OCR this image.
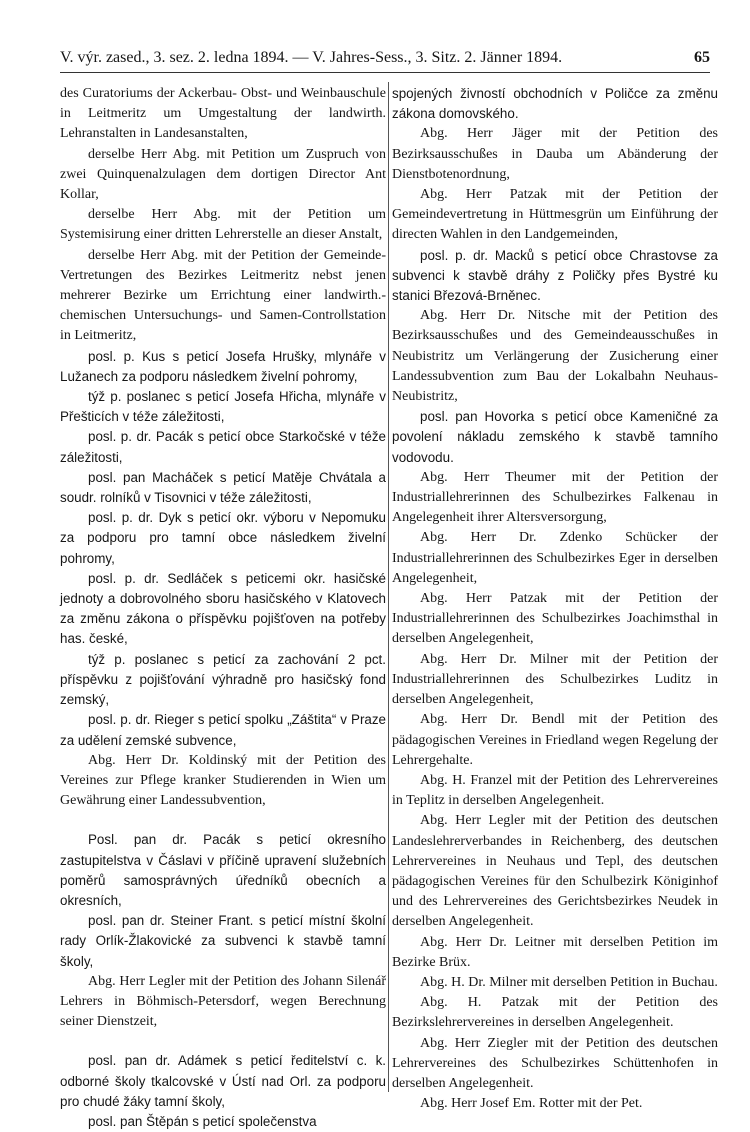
V. výr. zased., 3. sez. 2. ledna 1894. — V. Jahres-Sess., 3. Sitz. 2. Jänner 1894.	65

des Curatoriums der Ackerbau- Obst- und Weinbauschule in Leitmeritz um Umgestaltung der landwirth. Lehranstalten in Landesanstalten,

derselbe Herr Abg. mit Petition um Zuspruch von zwei Quinquenalzulagen dem dortigen Director Ant Kollar,

derselbe Herr Abg. mit der Petition um Systemisirung einer dritten Lehrerstelle an dieser Anstalt,

derselbe Herr Abg. mit der Petition der Gemeinde-Vertretungen des Bezirkes Leitmeritz nebst jenen mehrerer Bezirke um Errichtung einer landwirth.-chemischen Untersuchungs- und Samen-Controllstation in Leitmeritz,

posl. p. Kus s peticí Josefa Hrušky, mlynáře v Lužanech za podporu následkem živelní pohromy,

týž p. poslanec s peticí Josefa Hřicha, mlynáře v Přešticích v téže záležitosti,

posl. p. dr. Pacák s peticí obce Starkočské v téže záležitosti,

posl. pan Macháček s peticí Matěje Chvátala a soudr. rolníků v Tisovnici v téže záležitosti,

posl. p. dr. Dyk s peticí okr. výboru v Nepomuku za podporu pro tamní obce následkem živelní pohromy,

posl. p. dr. Sedláček s peticemi okr. hasičské jednoty a dobrovolného sboru hasičského v Klatovech za změnu zákona o příspěvku pojišťoven na potřeby has. české,

týž p. poslanec s peticí za zachování 2 pct. příspěvku z pojišťování výhradně pro hasičský fond zemský,

posl. p. dr. Rieger s peticí spolku „Záštita“ v Praze za udělení zemské subvence,

Abg. Herr Dr. Koldinský mit der Petition des Vereines zur Pflege kranker Studierenden in Wien um Gewährung einer Landessubvention,

Posl. pan dr. Pacák s peticí okresního zastupitelstva v Čáslavi v příčině upravení služebních poměrů samosprávných úředníků obecních a okresních,

posl. pan dr. Steiner Frant. s peticí místní školní rady Orlík-Žlakovické za subvenci k stavbě tamní školy,

Abg. Herr Legler mit der Petition des Johann Silenář Lehrers in Böhmisch-Petersdorf, wegen Berechnung seiner Dienstzeit,

posl. pan dr. Adámek s peticí ředitelství c. k. odborné školy tkalcovské v Ústí nad Orl. za podporu pro chudé žáky tamní školy,

posl. pan Štěpán s peticí společenstva

spojených živností obchodních v Poličce za změnu zákona domovského.

Abg. Herr Jäger mit der Petition des Bezirksausschußes in Dauba um Abänderung der Dienstbotenordnung,

Abg. Herr Patzak mit der Petition der Gemeindevertretung in Hüttmesgrün um Einführung der directen Wahlen in den Landgemeinden,

posl. p. dr. Macků s peticí obce Chrastovse za subvenci k stavbě dráhy z Poličky přes Bystré ku stanici Březová-Brněnec.

Abg. Herr Dr. Nitsche mit der Petition des Bezirksausschußes und des Gemeindeausschußes in Neubistritz um Verlängerung der Zusicherung einer Landessubvention zum Bau der Lokalbahn Neuhaus-Neubistritz,

posl. pan Hovorka s peticí obce Kameničné za povolení nákladu zemského k stavbě tamního vodovodu.

Abg. Herr Theumer mit der Petition der Industriallehrerinnen des Schulbezirkes Falkenau in Angelegenheit ihrer Altersversorgung,

Abg. Herr Dr. Zdenko Schücker der Industriallehrerinnen des Schulbezirkes Eger in derselben Angelegenheit,

Abg. Herr Patzak mit der Petition der Industriallehrerinnen des Schulbezirkes Joachimsthal in derselben Angelegenheit,

Abg. Herr Dr. Milner mit der Petition der Industriallehrerinnen des Schulbezirkes Luditz in derselben Angelegenheit,

Abg. Herr Dr. Bendl mit der Petition des pädagogischen Vereines in Friedland wegen Regelung der Lehrergehalte.

Abg. H. Franzel mit der Petition des Lehrervereines in Teplitz in derselben Angelegenheit.

Abg. Herr Legler mit der Petition des deutschen Landeslehrerverbandes in Reichenberg, des deutschen Lehrervereines in Neuhaus und Tepl, des deutschen pädagogischen Vereines für den Schulbezirk Königinhof und des Lehrervereines des Gerichtsbezirkes Neudek in derselben Angelegenheit.

Abg. Herr Dr. Leitner mit derselben Petition im Bezirke Brüx.

Abg. H. Dr. Milner mit derselben Petition in Buchau.

Abg. H. Patzak mit der Petition des Bezirkslehrervereines in derselben Angelegenheit.

Abg. Herr Ziegler mit der Petition des deutschen Lehrervereines des Schulbezirkes Schüttenhofen in derselben Angelegenheit.

Abg. Herr Josef Em. Rotter mit der Pet.
